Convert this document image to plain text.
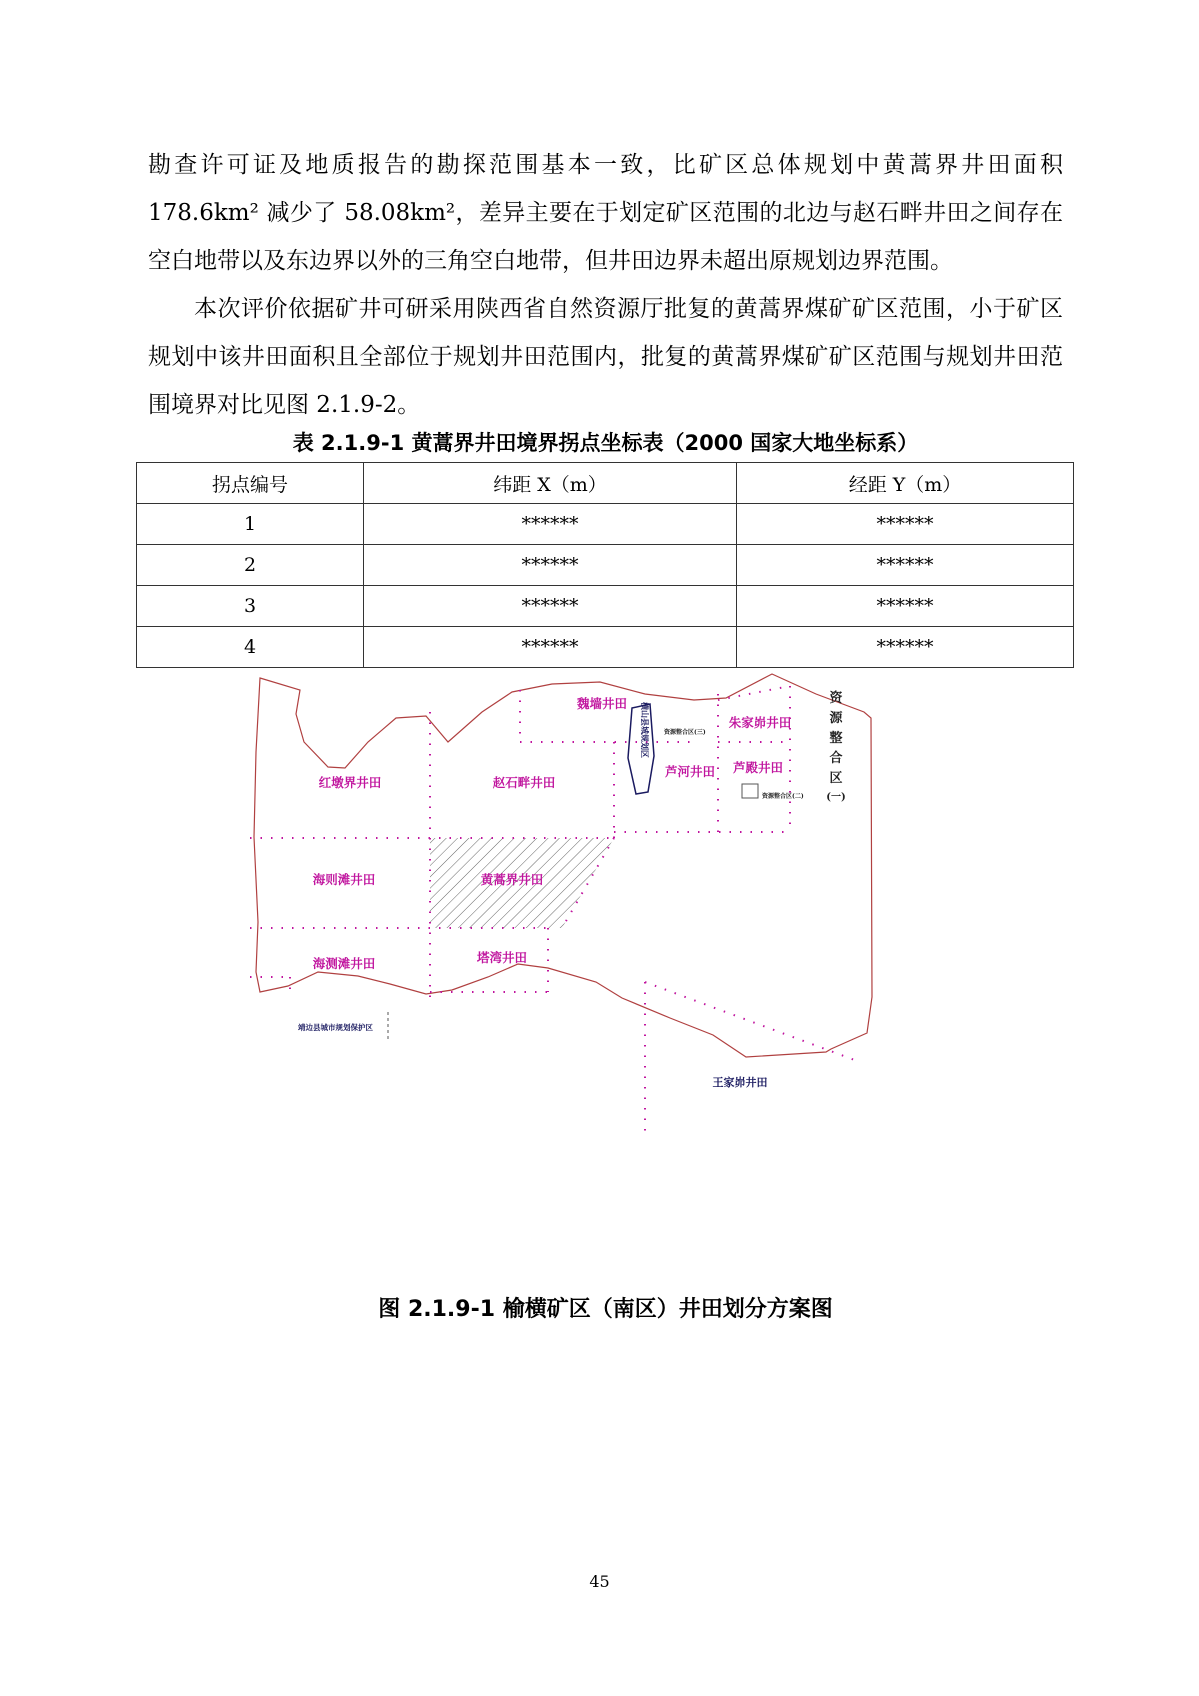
勘查许可证及地质报告的勘探范围基本一致，比矿区总体规划中黄蒿界井田面积 178.6km² 减少了 58.08km²，差异主要在于划定矿区范围的北边与赵石畔井田之间存在空白地带以及东边界以外的三角空白地带，但井田边界未超出原规划边界范围。

本次评价依据矿井可研采用陕西省自然资源厅批复的黄蒿界煤矿矿区范围，小于矿区规划中该井田面积且全部位于规划井田范围内，批复的黄蒿界煤矿矿区范围与规划井田范围境界对比见图 2.1.9-2。

表 2.1.9-1 黄蒿界井田境界拐点坐标表（2000 国家大地坐标系）
拐点编号	纬距 X（m）	经距 Y（m）
1	******	******
2	******	******
3	******	******
4	******	******
红墩界井田	赵石畔井田
魏墙井田
朱家峁井田
芦河井田 芦殿井田
海则滩井田	黄蒿界井田
海测滩井田	塔湾井田
王家峁井田
靖边县城市规划保护区
横山县城规划区
资源整合区(二)
资源整合区(三)
资
源
整
合
区
(一)
图 2.1.9-1 榆横矿区（南区）井田划分方案图
45
